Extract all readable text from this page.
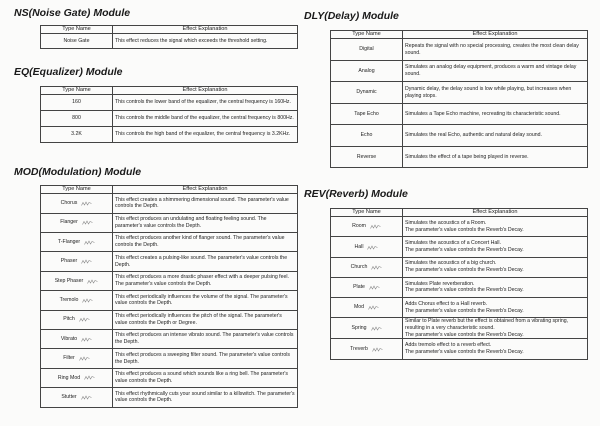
NS(Noise Gate) Module
Type Name	Effect Explanation
Noise Gate	This effect reduces the signal which exceeds the threshold setting.
EQ(Equalizer) Module
Type Name	Effect Explanation
160	This controls the lower band of the equalizer, the central frequency is 160Hz.
800	This controls the middle band of the equalizer, the central frequency is 800Hz.
3.2K	This controls the high band of the equalizer, the central frequency is 3.2KHz.
MOD(Modulation) Module
Type Name	Effect Explanation

Chorus	This effect creates a shimmering dimensional sound. The parameter's value controls the Depth.

Flanger	This effect produces an undulating and floating feeling sound. The parameter's value controls the Depth.

T-Flanger	This effect produces another kind of flanger sound. The parameter's value controls the Depth.

Phaser	This effect creates a pulsing-like sound. The parameter's value controls the Depth.

Step Phaser	This effect produces a more drastic phaser effect with a deeper pulsing feel. The parameter's value controls the Depth.

Tremolo	This effect periodically influences the volume of the signal. The parameter's value controls the Depth.

Pitch	This effect periodically influences the pitch of the signal. The parameter's value controls the Depth or Degree.

Vibrato	This effect produces an intense vibrato sound. The parameter's value controls the Depth.

Filter	This effect produces a sweeping filter sound. The parameter's value controls the Depth.

Ring Mod	This effect produces a sound which sounds like a ring bell. The parameter's value controls the Depth.

Stutter	This effect rhythmically cuts your sound similar to a killswitch. The parameter's value controls the Depth.
DLY(Delay) Module
Type Name	Effect Explanation

Digital	Repeats the signal with no special processing, creates the most clean delay sound.

Analog	Simulates an analog delay equipment, produces a warm and vintage delay sound.

Dynamic	Dynamic delay, the delay sound is low while playing, but increases when playing stops.

Tape Echo	Simulates a Tape Echo machine, recreating its characteristic sound.

Echo	Simulates the real Echo, authentic and natural delay sound.

Reverse	Simulates the effect of a tape being played in reverse.
REV(Reverb) Module
Type Name	Effect Explanation

Room	Simulates the acoustics of a Room.
The parameter's value controls the Reverb's Decay.

Hall	Simulates the acoustics of a Concert Hall.
The parameter's value controls the Reverb's Decay.

Church	Simulates the acoustics of a big church.
The parameter's value controls the Reverb's Decay.

Plate	Simulates Plate reverberation.
The parameter's value controls the Reverb's Decay.

Mod	Adds Chorus effect to a Hall reverb.
The parameter's value controls the Reverb's Decay.

Spring	Similar to Plate reverb but the effect is obtained from a vibrating spring, resulting in a very characteristic sound.
The parameter's value controls the Reverb's Decay.

Treverb	Adds tremolo effect to a reverb effect.
The parameter's value controls the Reverb's Decay.
